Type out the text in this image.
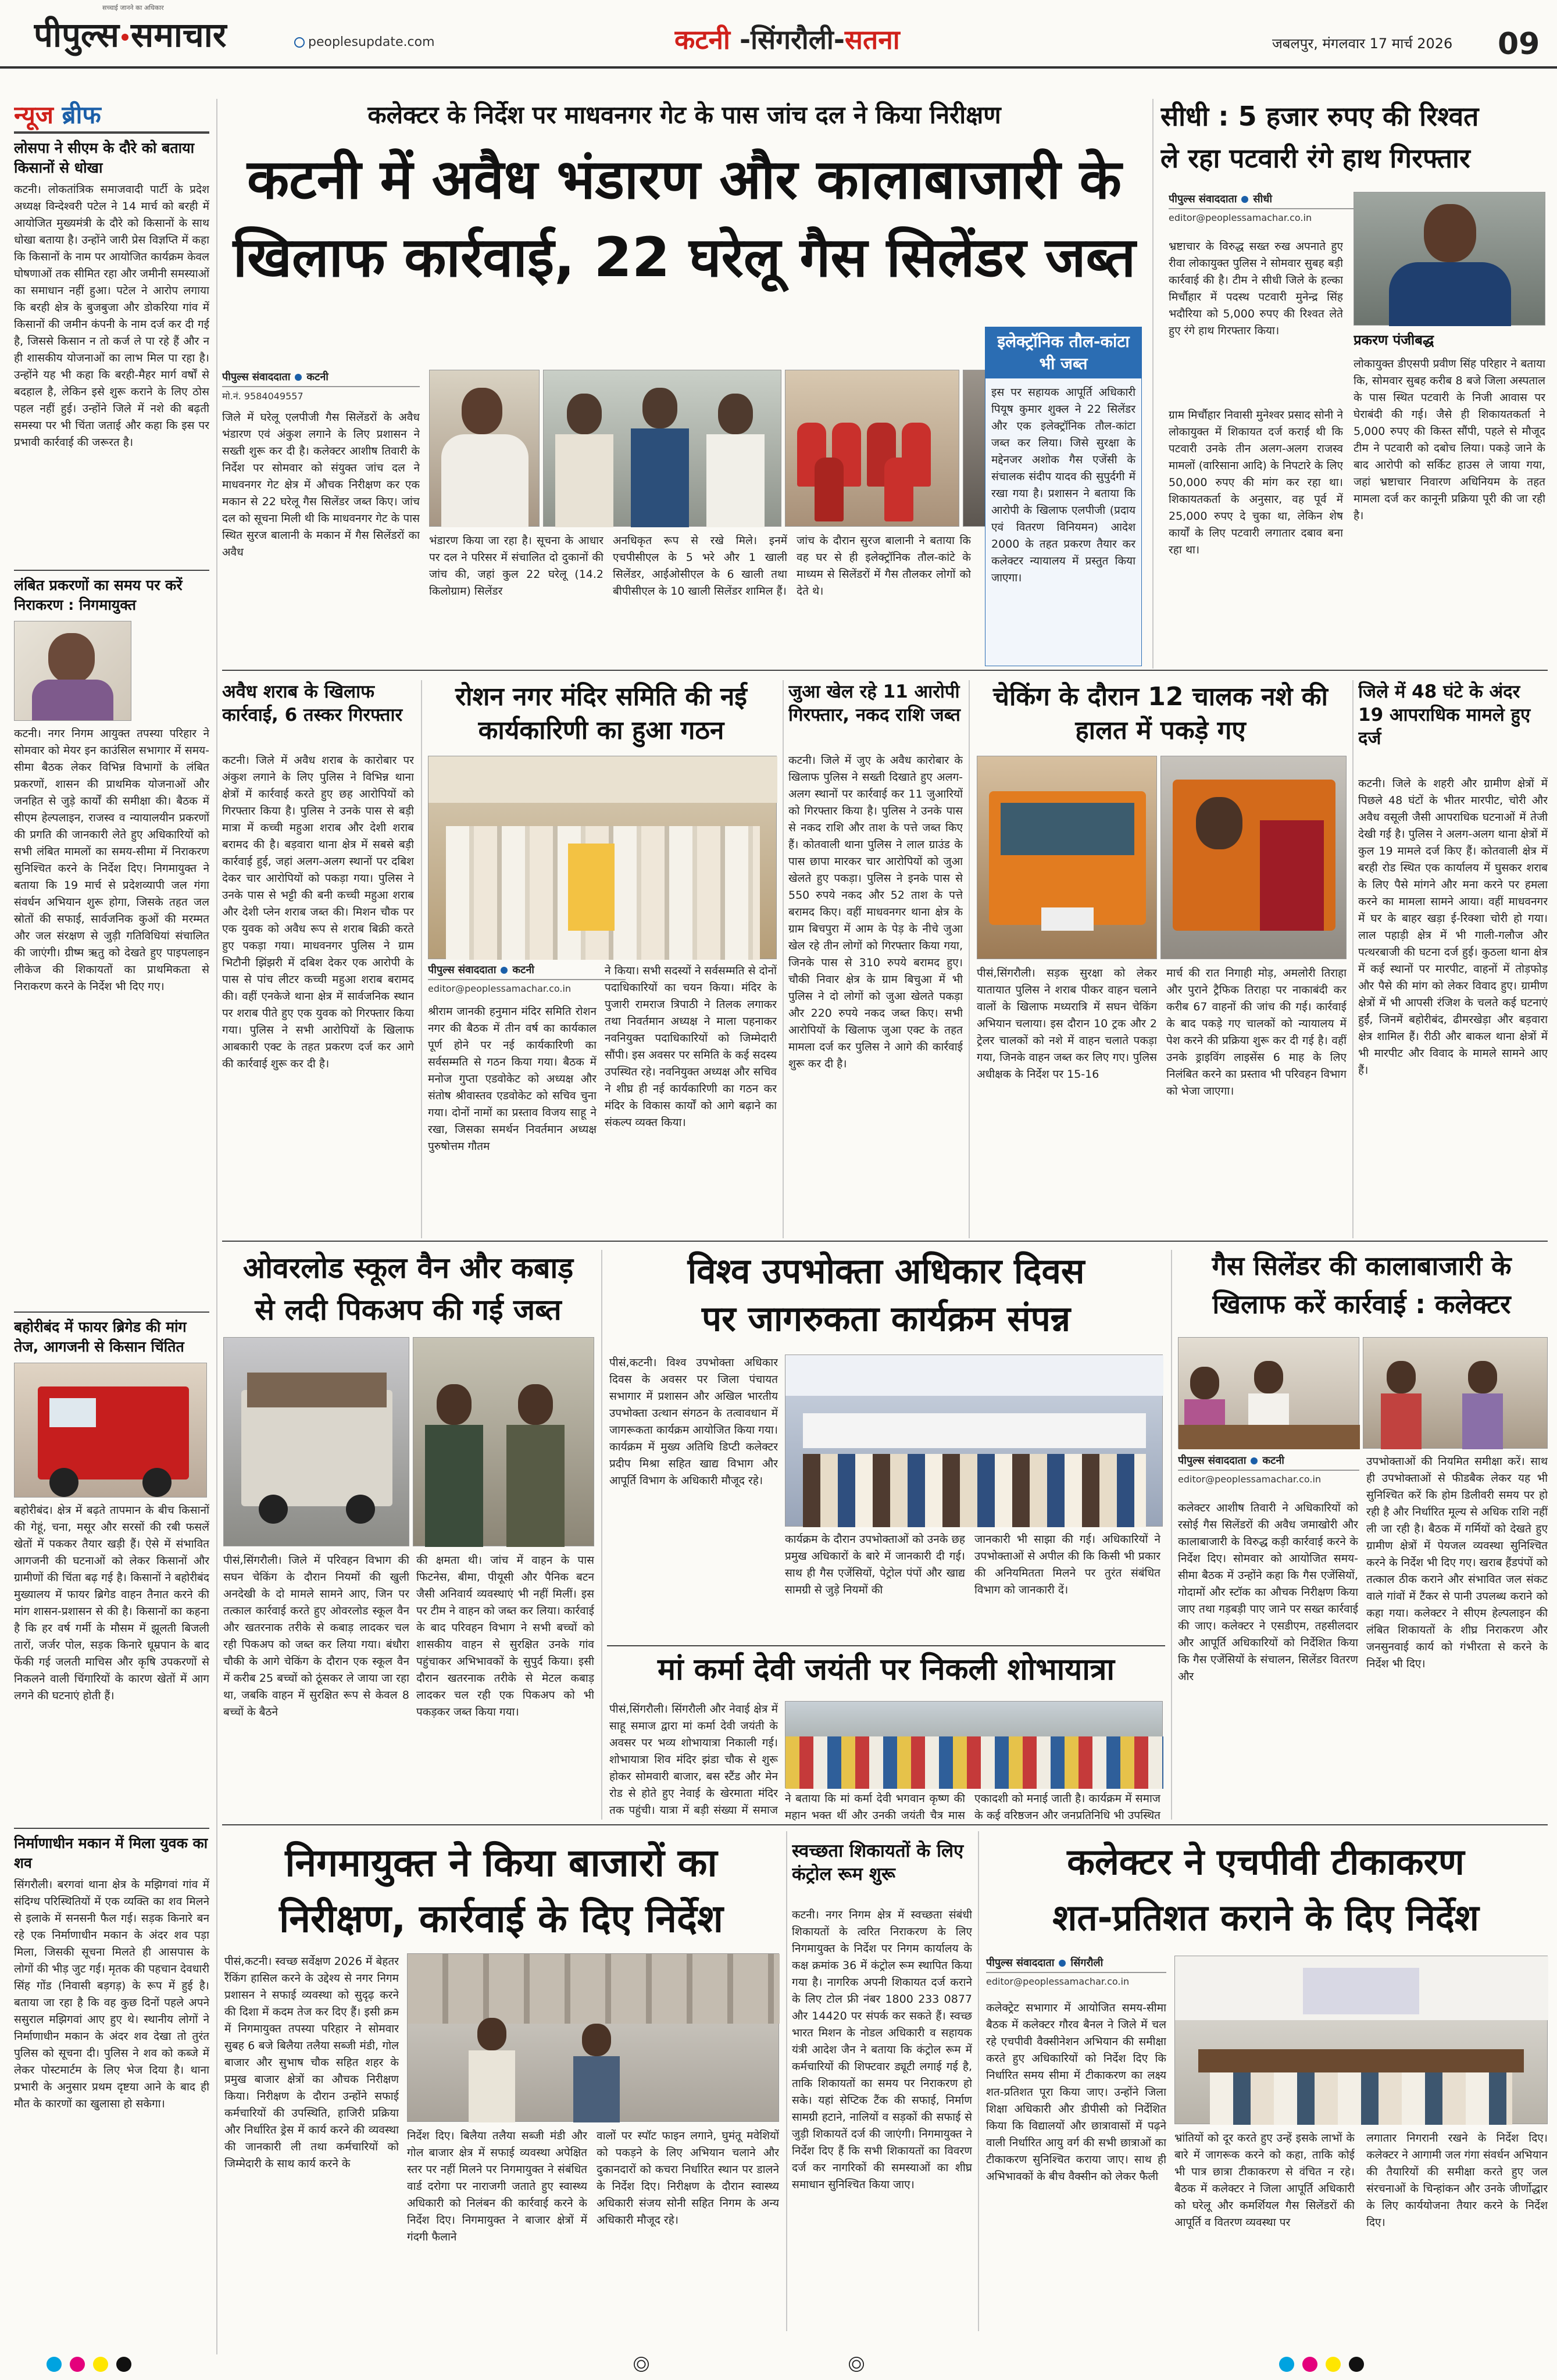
सच्चाई जानने का अधिकार
पीपुल्स समाचार	peoplesupdate.com	कटनी -सिंगरौली-सतना	जबलपुर, मंगलवार 17 मार्च 2026	09
न्यूज ब्रीफ
लोसपा ने सीएम के दौरे को बताया किसानों से धोखा
कटनी। लोकतांत्रिक समाजवादी पार्टी के प्रदेश अध्यक्ष विन्देश्वरी पटेल ने 14 मार्च को बरही में आयोजित मुख्यमंत्री के दौरे को किसानों के साथ धोखा बताया है। उन्होंने जारी प्रेस विज्ञप्ति में कहा कि किसानों के नाम पर आयोजित कार्यक्रम केवल घोषणाओं तक सीमित रहा और जमीनी समस्याओं का समाधान नहीं हुआ। पटेल ने आरोप लगाया कि बरही क्षेत्र के बुजबुजा और डोकरिया गांव में किसानों की जमीन कंपनी के नाम दर्ज कर दी गई है, जिससे किसान न तो कर्ज ले पा रहे हैं और न ही शासकीय योजनाओं का लाभ मिल पा रहा है। उन्होंने यह भी कहा कि बरही-मैहर मार्ग वर्षों से बदहाल है, लेकिन इसे शुरू कराने के लिए ठोस पहल नहीं हुई। उन्होंने जिले में नशे की बढ़ती समस्या पर भी चिंता जताई और कहा कि इस पर प्रभावी कार्रवाई की जरूरत है।
लंबित प्रकरणों का समय पर करें निराकरण : निगमायुक्त
कटनी। नगर निगम आयुक्त तपस्या परिहार ने सोमवार को मेयर इन काउंसिल सभागार में समय-सीमा बैठक लेकर विभिन्न विभागों के लंबित प्रकरणों, शासन की प्राथमिक योजनाओं और जनहित से जुड़े कार्यों की समीक्षा की। बैठक में सीएम हेल्पलाइन, राजस्व व न्यायालयीन प्रकरणों की प्रगति की जानकारी लेते हुए अधिकारियों को सभी लंबित मामलों का समय-सीमा में निराकरण सुनिश्चित करने के निर्देश दिए। निगमायुक्त ने बताया कि 19 मार्च से प्रदेशव्यापी जल गंगा संवर्धन अभियान शुरू होगा, जिसके तहत जल स्रोतों की सफाई, सार्वजनिक कुओं की मरम्मत और जल संरक्षण से जुड़ी गतिविधियां संचालित की जाएंगी। ग्रीष्म ऋतु को देखते हुए पाइपलाइन लीकेज की शिकायतों का प्राथमिकता से निराकरण करने के निर्देश भी दिए गए।
बहोरीबंद में फायर ब्रिगेड की मांग तेज, आगजनी से किसान चिंतित
बहोरीबंद। क्षेत्र में बढ़ते तापमान के बीच किसानों की गेहूं, चना, मसूर और सरसों की रबी फसलें खेतों में पककर तैयार खड़ी हैं। ऐसे में संभावित आगजनी की घटनाओं को लेकर किसानों और ग्रामीणों की चिंता बढ़ गई है। किसानों ने बहोरीबंद मुख्यालय में फायर ब्रिगेड वाहन तैनात करने की मांग शासन-प्रशासन से की है। किसानों का कहना है कि हर वर्ष गर्मी के मौसम में झूलती बिजली तारों, जर्जर पोल, सड़क किनारे धूम्रपान के बाद फेंकी गई जलती माचिस और कृषि उपकरणों से निकलने वाली चिंगारियों के कारण खेतों में आग लगने की घटनाएं होती हैं।
निर्माणाधीन मकान में मिला युवक का शव
सिंगरौली। बरगवां थाना क्षेत्र के मझिगवां गांव में संदिग्ध परिस्थितियों में एक व्यक्ति का शव मिलने से इलाके में सनसनी फैल गई। सड़क किनारे बन रहे एक निर्माणाधीन मकान के अंदर शव पड़ा मिला, जिसकी सूचना मिलते ही आसपास के लोगों की भीड़ जुट गई। मृतक की पहचान देवधारी सिंह गोंड (निवासी बड़गड़) के रूप में हुई है। बताया जा रहा है कि वह कुछ दिनों पहले अपने ससुराल मझिगवां आए हुए थे। स्थानीय लोगों ने निर्माणाधीन मकान के अंदर शव देखा तो तुरंत पुलिस को सूचना दी। पुलिस ने शव को कब्जे में लेकर पोस्टमार्टम के लिए भेज दिया है। थाना प्रभारी के अनुसार प्रथम दृष्टया आने के बाद ही मौत के कारणों का खुलासा हो सकेगा।
कलेक्टर के निर्देश पर माधवनगर गेट के पास जांच दल ने किया निरीक्षण
कटनी में अवैध भंडारण और कालाबाजारी के
खिलाफ कार्रवाई, 22 घरेलू गैस सिलेंडर जब्त
पीपुल्स संवाददाता कटनी
मो.नं. 9584049557
जिले में घरेलू एलपीजी गैस सिलेंडरों के अवैध भंडारण एवं अंकुश लगाने के लिए प्रशासन ने सख्ती शुरू कर दी है। कलेक्टर आशीष तिवारी के निर्देश पर सोमवार को संयुक्त जांच दल ने माधवनगर गेट क्षेत्र में औचक निरीक्षण कर एक मकान से 22 घरेलू गैस सिलेंडर जब्त किए। जांच दल को सूचना मिली थी कि माधवनगर गेट के पास स्थित सुरज बालानी के मकान में गैस सिलेंडरों का अवैध
भंडारण किया जा रहा है। सूचना के आधार पर दल ने परिसर में संचालित दो दुकानों की जांच की, जहां कुल 22 घरेलू (14.2 किलोग्राम) सिलेंडर
अनधिकृत रूप से रखे मिले। इनमें एचपीसीएल के 5 भरे और 1 खाली सिलेंडर, आईओसीएल के 6 खाली तथा बीपीसीएल के 10 खाली सिलेंडर शामिल हैं।
जांच के दौरान सुरज बालानी ने बताया कि वह घर से ही इलेक्ट्रॉनिक तौल-कांटे के माध्यम से सिलेंडरों में गैस तौलकर लोगों को देते थे।
इलेक्ट्रॉनिक तौल-कांटा भी जब्त
इस पर सहायक आपूर्ति अधिकारी पियूष कुमार शुक्ल ने 22 सिलेंडर और एक इलेक्ट्रॉनिक तौल-कांटा जब्त कर लिया। जिसे सुरक्षा के मद्देनजर अशोक गैस एजेंसी के संचालक संदीप यादव की सुपुर्दगी में रखा गया है। प्रशासन ने बताया कि आरोपी के खिलाफ एलपीजी (प्रदाय एवं वितरण विनियमन) आदेश 2000 के तहत प्रकरण तैयार कर कलेक्टर न्यायालय में प्रस्तुत किया जाएगा।
सीधी : 5 हजार रुपए की रिश्वत
ले रहा पटवारी रंगे हाथ गिरफ्तार
पीपुल्स संवाददाता सीधी
editor@peoplessamachar.co.in
भ्रष्टाचार के विरुद्ध सख्त रुख अपनाते हुए रीवा लोकायुक्त पुलिस ने सोमवार सुबह बड़ी कार्रवाई की है। टीम ने सीधी जिले के हल्का मिर्चौहार में पदस्थ पटवारी मुनेन्द्र सिंह भदौरिया को 5,000 रुपए की रिश्वत लेते हुए रंगे हाथ गिरफ्तार किया।
ग्राम मिर्चौहार निवासी मुनेश्वर प्रसाद सोनी ने लोकायुक्त में शिकायत दर्ज कराई थी कि पटवारी उनके तीन अलग-अलग राजस्व मामलों (वारिसाना आदि) के निपटारे के लिए 50,000 रुपए की मांग कर रहा था। शिकायतकर्ता के अनुसार, वह पूर्व में 25,000 रुपए दे चुका था, लेकिन शेष कार्यों के लिए पटवारी लगातार दबाव बना रहा था।
प्रकरण पंजीबद्ध
लोकायुक्त डीएसपी प्रवीण सिंह परिहार ने बताया कि, सोमवार सुबह करीब 8 बजे जिला अस्पताल के पास स्थित पटवारी के निजी आवास पर घेराबंदी की गई। जैसे ही शिकायतकर्ता ने 5,000 रुपए की किस्त सौंपी, पहले से मौजूद टीम ने पटवारी को दबोच लिया। पकड़े जाने के बाद आरोपी को सर्किट हाउस ले जाया गया, जहां भ्रष्टाचार निवारण अधिनियम के तहत मामला दर्ज कर कानूनी प्रक्रिया पूरी की जा रही है।
अवैध शराब के खिलाफ कार्रवाई, 6 तस्कर गिरफ्तार
कटनी। जिले में अवैध शराब के कारोबार पर अंकुश लगाने के लिए पुलिस ने विभिन्न थाना क्षेत्रों में कार्रवाई करते हुए छह आरोपियों को गिरफ्तार किया है। पुलिस ने उनके पास से बड़ी मात्रा में कच्ची महुआ शराब और देशी शराब बरामद की है। बड़वारा थाना क्षेत्र में सबसे बड़ी कार्रवाई हुई, जहां अलग-अलग स्थानों पर दबिश देकर चार आरोपियों को पकड़ा गया। पुलिस ने उनके पास से भट्टी की बनी कच्ची महुआ शराब और देशी प्लेन शराब जब्त की। मिशन चौक पर एक युवक को अवैध रूप से शराब बिक्री करते हुए पकड़ा गया। माधवनगर पुलिस ने ग्राम भिटौनी झिंझरी में दबिश देकर एक आरोपी के पास से पांच लीटर कच्ची महुआ शराब बरामद की। वहीं एनकेजे थाना क्षेत्र में सार्वजनिक स्थान पर शराब पीते हुए एक युवक को गिरफ्तार किया गया। पुलिस ने सभी आरोपियों के खिलाफ आबकारी एक्ट के तहत प्रकरण दर्ज कर आगे की कार्रवाई शुरू कर दी है।
रोशन नगर मंदिर समिति की नई कार्यकारिणी का हुआ गठन
पीपुल्स संवाददाता कटनी
editor@peoplessamachar.co.in
श्रीराम जानकी हनुमान मंदिर समिति रोशन नगर की बैठक में तीन वर्ष का कार्यकाल पूर्ण होने पर नई कार्यकारिणी का सर्वसम्मति से गठन किया गया। बैठक में मनोज गुप्ता एडवोकेट को अध्यक्ष और संतोष श्रीवास्तव एडवोकेट को सचिव चुना गया। दोनों नामों का प्रस्ताव विजय साहू ने रखा, जिसका समर्थन निवर्तमान अध्यक्ष पुरुषोत्तम गौतम
ने किया। सभी सदस्यों ने सर्वसम्मति से दोनों पदाधिकारियों का चयन किया। मंदिर के पुजारी रामराज त्रिपाठी ने तिलक लगाकर तथा निवर्तमान अध्यक्ष ने माला पहनाकर नवनियुक्त पदाधिकारियों को जिम्मेदारी सौंपी। इस अवसर पर समिति के कई सदस्य उपस्थित रहे। नवनियुक्त अध्यक्ष और सचिव ने शीघ्र ही नई कार्यकारिणी का गठन कर मंदिर के विकास कार्यों को आगे बढ़ाने का संकल्प व्यक्त किया।
जुआ खेल रहे 11 आरोपी गिरफ्तार, नकद राशि जब्त
कटनी। जिले में जुए के अवैध कारोबार के खिलाफ पुलिस ने सख्ती दिखाते हुए अलग-अलग स्थानों पर कार्रवाई कर 11 जुआरियों को गिरफ्तार किया है। पुलिस ने उनके पास से नकद राशि और ताश के पत्ते जब्त किए हैं। कोतवाली थाना पुलिस ने लाल ग्राउंड के पास छापा मारकर चार आरोपियों को जुआ खेलते हुए पकड़ा। पुलिस ने इनके पास से 550 रुपये नकद और 52 ताश के पत्ते बरामद किए। वहीं माधवनगर थाना क्षेत्र के ग्राम बिचपुरा में आम के पेड़ के नीचे जुआ खेल रहे तीन लोगों को गिरफ्तार किया गया, जिनके पास से 310 रुपये बरामद हुए। चौकी निवार क्षेत्र के ग्राम बिचुआ में भी पुलिस ने दो लोगों को जुआ खेलते पकड़ा और 220 रुपये नकद जब्त किए। सभी आरोपियों के खिलाफ जुआ एक्ट के तहत मामला दर्ज कर पुलिस ने आगे की कार्रवाई शुरू कर दी है।
चेकिंग के दौरान 12 चालक नशे की हालत में पकड़े गए
पीसं,सिंगरौली। सड़क सुरक्षा को लेकर यातायात पुलिस ने शराब पीकर वाहन चलाने वालों के खिलाफ मध्यरात्रि में सघन चेकिंग अभियान चलाया। इस दौरान 10 ट्रक और 2 ट्रेलर चालकों को नशे में वाहन चलाते पकड़ा गया, जिनके वाहन जब्त कर लिए गए। पुलिस अधीक्षक के निर्देश पर 15-16
मार्च की रात निगाही मोड़, अमलोरी तिराहा और पुराने ट्रैफिक तिराहा पर नाकाबंदी कर करीब 67 वाहनों की जांच की गई। कार्रवाई के बाद पकड़े गए चालकों को न्यायालय में पेश करने की प्रक्रिया शुरू कर दी गई है। वहीं उनके ड्राइविंग लाइसेंस 6 माह के लिए निलंबित करने का प्रस्ताव भी परिवहन विभाग को भेजा जाएगा।
जिले में 48 घंटे के अंदर 19 आपराधिक मामले हुए दर्ज
कटनी। जिले के शहरी और ग्रामीण क्षेत्रों में पिछले 48 घंटों के भीतर मारपीट, चोरी और अवैध वसूली जैसी आपराधिक घटनाओं में तेजी देखी गई है। पुलिस ने अलग-अलग थाना क्षेत्रों में कुल 19 मामले दर्ज किए हैं। कोतवाली क्षेत्र में बरही रोड स्थित एक कार्यालय में घुसकर शराब के लिए पैसे मांगने और मना करने पर हमला करने का मामला सामने आया। वहीं माधवनगर में घर के बाहर खड़ा ई-रिक्शा चोरी हो गया। लाल पहाड़ी क्षेत्र में भी गाली-गलौज और पत्थरबाजी की घटना दर्ज हुई। कुठला थाना क्षेत्र में कई स्थानों पर मारपीट, वाहनों में तोड़फोड़ और पैसे की मांग को लेकर विवाद हुए। ग्रामीण क्षेत्रों में भी आपसी रंजिश के चलते कई घटनाएं हुईं, जिनमें बहोरीबंद, ढीमरखेड़ा और बड़वारा क्षेत्र शामिल हैं। रीठी और बाकल थाना क्षेत्रों में भी मारपीट और विवाद के मामले सामने आए हैं।
ओवरलोड स्कूल वैन और कबाड़
से लदी पिकअप की गई जब्त
पीसं,सिंगरौली। जिले में परिवहन विभाग की सघन चेकिंग के दौरान नियमों की खुली अनदेखी के दो मामले सामने आए, जिन पर तत्काल कार्रवाई करते हुए ओवरलोड स्कूल वैन और खतरनाक तरीके से कबाड़ लादकर चल रही पिकअप को जब्त कर लिया गया। बंधौरा चौकी के आगे चेकिंग के दौरान एक स्कूल वैन में करीब 25 बच्चों को ठूंसकर ले जाया जा रहा था, जबकि वाहन में सुरक्षित रूप से केवल 8 बच्चों के बैठने
की क्षमता थी। जांच में वाहन के पास फिटनेस, बीमा, पीयूसी और पैनिक बटन जैसी अनिवार्य व्यवस्थाएं भी नहीं मिलीं। इस पर टीम ने वाहन को जब्त कर लिया। कार्रवाई के बाद परिवहन विभाग ने सभी बच्चों को शासकीय वाहन से सुरक्षित उनके गांव पहुंचाकर अभिभावकों के सुपुर्द किया। इसी दौरान खतरनाक तरीके से मेटल कबाड़ लादकर चल रही एक पिकअप को भी पकड़कर जब्त किया गया।
विश्व उपभोक्ता अधिकार दिवस
पर जागरुकता कार्यक्रम संपन्न
पीसं,कटनी। विश्व उपभोक्ता अधिकार दिवस के अवसर पर जिला पंचायत सभागार में प्रशासन और अखिल भारतीय उपभोक्ता उत्थान संगठन के तत्वावधान में जागरूकता कार्यक्रम आयोजित किया गया। कार्यक्रम में मुख्य अतिथि डिप्टी कलेक्टर प्रदीप मिश्रा सहित खाद्य विभाग और आपूर्ति विभाग के अधिकारी मौजूद रहे।
कार्यक्रम के दौरान उपभोक्ताओं को उनके छह प्रमुख अधिकारों के बारे में जानकारी दी गई। साथ ही गैस एजेंसियों, पेट्रोल पंपों और खाद्य सामग्री से जुड़े नियमों की
जानकारी भी साझा की गई। अधिकारियों ने उपभोक्ताओं से अपील की कि किसी भी प्रकार की अनियमितता मिलने पर तुरंत संबंधित विभाग को जानकारी दें।
मां कर्मा देवी जयंती पर निकली शोभायात्रा
पीसं,सिंगरौली। सिंगरौली और नेवाई क्षेत्र में साहू समाज द्वारा मां कर्मा देवी जयंती के अवसर पर भव्य शोभायात्रा निकाली गई। शोभायात्रा शिव मंदिर झंडा चौक से शुरू होकर सोमवारी बाजार, बस स्टैंड और मेन रोड से होते हुए नेवाई के खेरमाता मंदिर तक पहुंची। यात्रा में बड़ी संख्या में समाज
ने बताया कि मां कर्मा देवी भगवान कृष्ण की महान भक्त थीं और उनकी जयंती चैत्र मास
एकादशी को मनाई जाती है। कार्यक्रम में समाज के कई वरिष्ठजन और जनप्रतिनिधि भी उपस्थित
गैस सिलेंडर की कालाबाजारी के
खिलाफ करें कार्रवाई : कलेक्टर
पीपुल्स संवाददाता कटनी
editor@peoplessamachar.co.in
कलेक्टर आशीष तिवारी ने अधिकारियों को रसोई गैस सिलेंडरों की अवैध जमाखोरी और कालाबाजारी के विरुद्ध कड़ी कार्रवाई करने के निर्देश दिए। सोमवार को आयोजित समय-सीमा बैठक में उन्होंने कहा कि गैस एजेंसियों, गोदामों और स्टॉक का औचक निरीक्षण किया जाए तथा गड़बड़ी पाए जाने पर सख्त कार्रवाई की जाए। कलेक्टर ने एसडीएम, तहसीलदार और आपूर्ति अधिकारियों को निर्देशित किया कि गैस एजेंसियों के संचालन, सिलेंडर वितरण और
उपभोक्ताओं की नियमित समीक्षा करें। साथ ही उपभोक्ताओं से फीडबैक लेकर यह भी सुनिश्चित करें कि होम डिलीवरी समय पर हो रही है और निर्धारित मूल्य से अधिक राशि नहीं ली जा रही है। बैठक में गर्मियों को देखते हुए ग्रामीण क्षेत्रों में पेयजल व्यवस्था सुनिश्चित करने के निर्देश भी दिए गए। खराब हैंडपंपों को तत्काल ठीक कराने और संभावित जल संकट वाले गांवों में टैंकर से पानी उपलब्ध कराने को कहा गया। कलेक्टर ने सीएम हेल्पलाइन की लंबित शिकायतों के शीघ्र निराकरण और जनसुनवाई कार्य को गंभीरता से करने के निर्देश भी दिए।
निगमायुक्त ने किया बाजारों का
निरीक्षण, कार्रवाई के दिए निर्देश
पीसं,कटनी। स्वच्छ सर्वेक्षण 2026 में बेहतर रैंकिंग हासिल करने के उद्देश्य से नगर निगम प्रशासन ने सफाई व्यवस्था को सुदृढ़ करने की दिशा में कदम तेज कर दिए हैं। इसी क्रम में निगमायुक्त तपस्या परिहार ने सोमवार सुबह 6 बजे बिलैया तलैया सब्जी मंडी, गोल बाजार और सुभाष चौक सहित शहर के प्रमुख बाजार क्षेत्रों का औचक निरीक्षण किया। निरीक्षण के दौरान उन्होंने सफाई कर्मचारियों की उपस्थिति, हाजिरी प्रक्रिया और निर्धारित ड्रेस में कार्य करने की व्यवस्था की जानकारी ली तथा कर्मचारियों को जिम्मेदारी के साथ कार्य करने के
निर्देश दिए। बिलैया तलैया सब्जी मंडी और गोल बाजार क्षेत्र में सफाई व्यवस्था अपेक्षित स्तर पर नहीं मिलने पर निगमायुक्त ने संबंधित वार्ड दरोगा पर नाराजगी जताते हुए स्वास्थ्य अधिकारी को निलंबन की कार्रवाई करने के निर्देश दिए। निगमायुक्त ने बाजार क्षेत्रों में गंदगी फैलाने
वालों पर स्पॉट फाइन लगाने, घुमंतू मवेशियों को पकड़ने के लिए अभियान चलाने और दुकानदारों को कचरा निर्धारित स्थान पर डालने के निर्देश दिए। निरीक्षण के दौरान स्वास्थ्य अधिकारी संजय सोनी सहित निगम के अन्य अधिकारी मौजूद रहे।
स्वच्छता शिकायतों के लिए कंट्रोल रूम शुरू
कटनी। नगर निगम क्षेत्र में स्वच्छता संबंधी शिकायतों के त्वरित निराकरण के लिए निगमायुक्त के निर्देश पर निगम कार्यालय के कक्ष क्रमांक 36 में कंट्रोल रूम स्थापित किया गया है। नागरिक अपनी शिकायत दर्ज कराने के लिए टोल फ्री नंबर 1800 233 0877 और 14420 पर संपर्क कर सकते हैं। स्वच्छ भारत मिशन के नोडल अधिकारी व सहायक यंत्री आदेश जैन ने बताया कि कंट्रोल रूम में कर्मचारियों की शिफ्टवार ड्यूटी लगाई गई है, ताकि शिकायतों का समय पर निराकरण हो सके। यहां सेप्टिक टैंक की सफाई, निर्माण सामग्री हटाने, नालियों व सड़कों की सफाई से जुड़ी शिकायतें दर्ज की जाएंगी। निगमायुक्त ने निर्देश दिए हैं कि सभी शिकायतों का विवरण दर्ज कर नागरिकों की समस्याओं का शीघ्र समाधान सुनिश्चित किया जाए।
कलेक्टर ने एचपीवी टीकाकरण
शत-प्रतिशत कराने के दिए निर्देश
पीपुल्स संवाददाता सिंगरौली
editor@peoplessamachar.co.in
कलेक्ट्रेट सभागार में आयोजित समय-सीमा बैठक में कलेक्टर गौरव बैनल ने जिले में चल रहे एचपीवी वैक्सीनेशन अभियान की समीक्षा करते हुए अधिकारियों को निर्देश दिए कि निर्धारित समय सीमा में टीकाकरण का लक्ष्य शत-प्रतिशत पूरा किया जाए। उन्होंने जिला शिक्षा अधिकारी और डीपीसी को निर्देशित किया कि विद्यालयों और छात्रावासों में पढ़ने वाली निर्धारित आयु वर्ग की सभी छात्राओं का टीकाकरण सुनिश्चित कराया जाए। साथ ही अभिभावकों के बीच वैक्सीन को लेकर फैली
भ्रांतियों को दूर करते हुए उन्हें इसके लाभों के बारे में जागरूक करने को कहा, ताकि कोई भी पात्र छात्रा टीकाकरण से वंचित न रहे। बैठक में कलेक्टर ने जिला आपूर्ति अधिकारी को घरेलू और कमर्शियल गैस सिलेंडरों की आपूर्ति व वितरण व्यवस्था पर
लगातार निगरानी रखने के निर्देश दिए। कलेक्टर ने आगामी जल गंगा संवर्धन अभियान की तैयारियों की समीक्षा करते हुए जल संरचनाओं के चिन्हांकन और उनके जीर्णोद्धार के लिए कार्ययोजना तैयार करने के निर्देश दिए।
